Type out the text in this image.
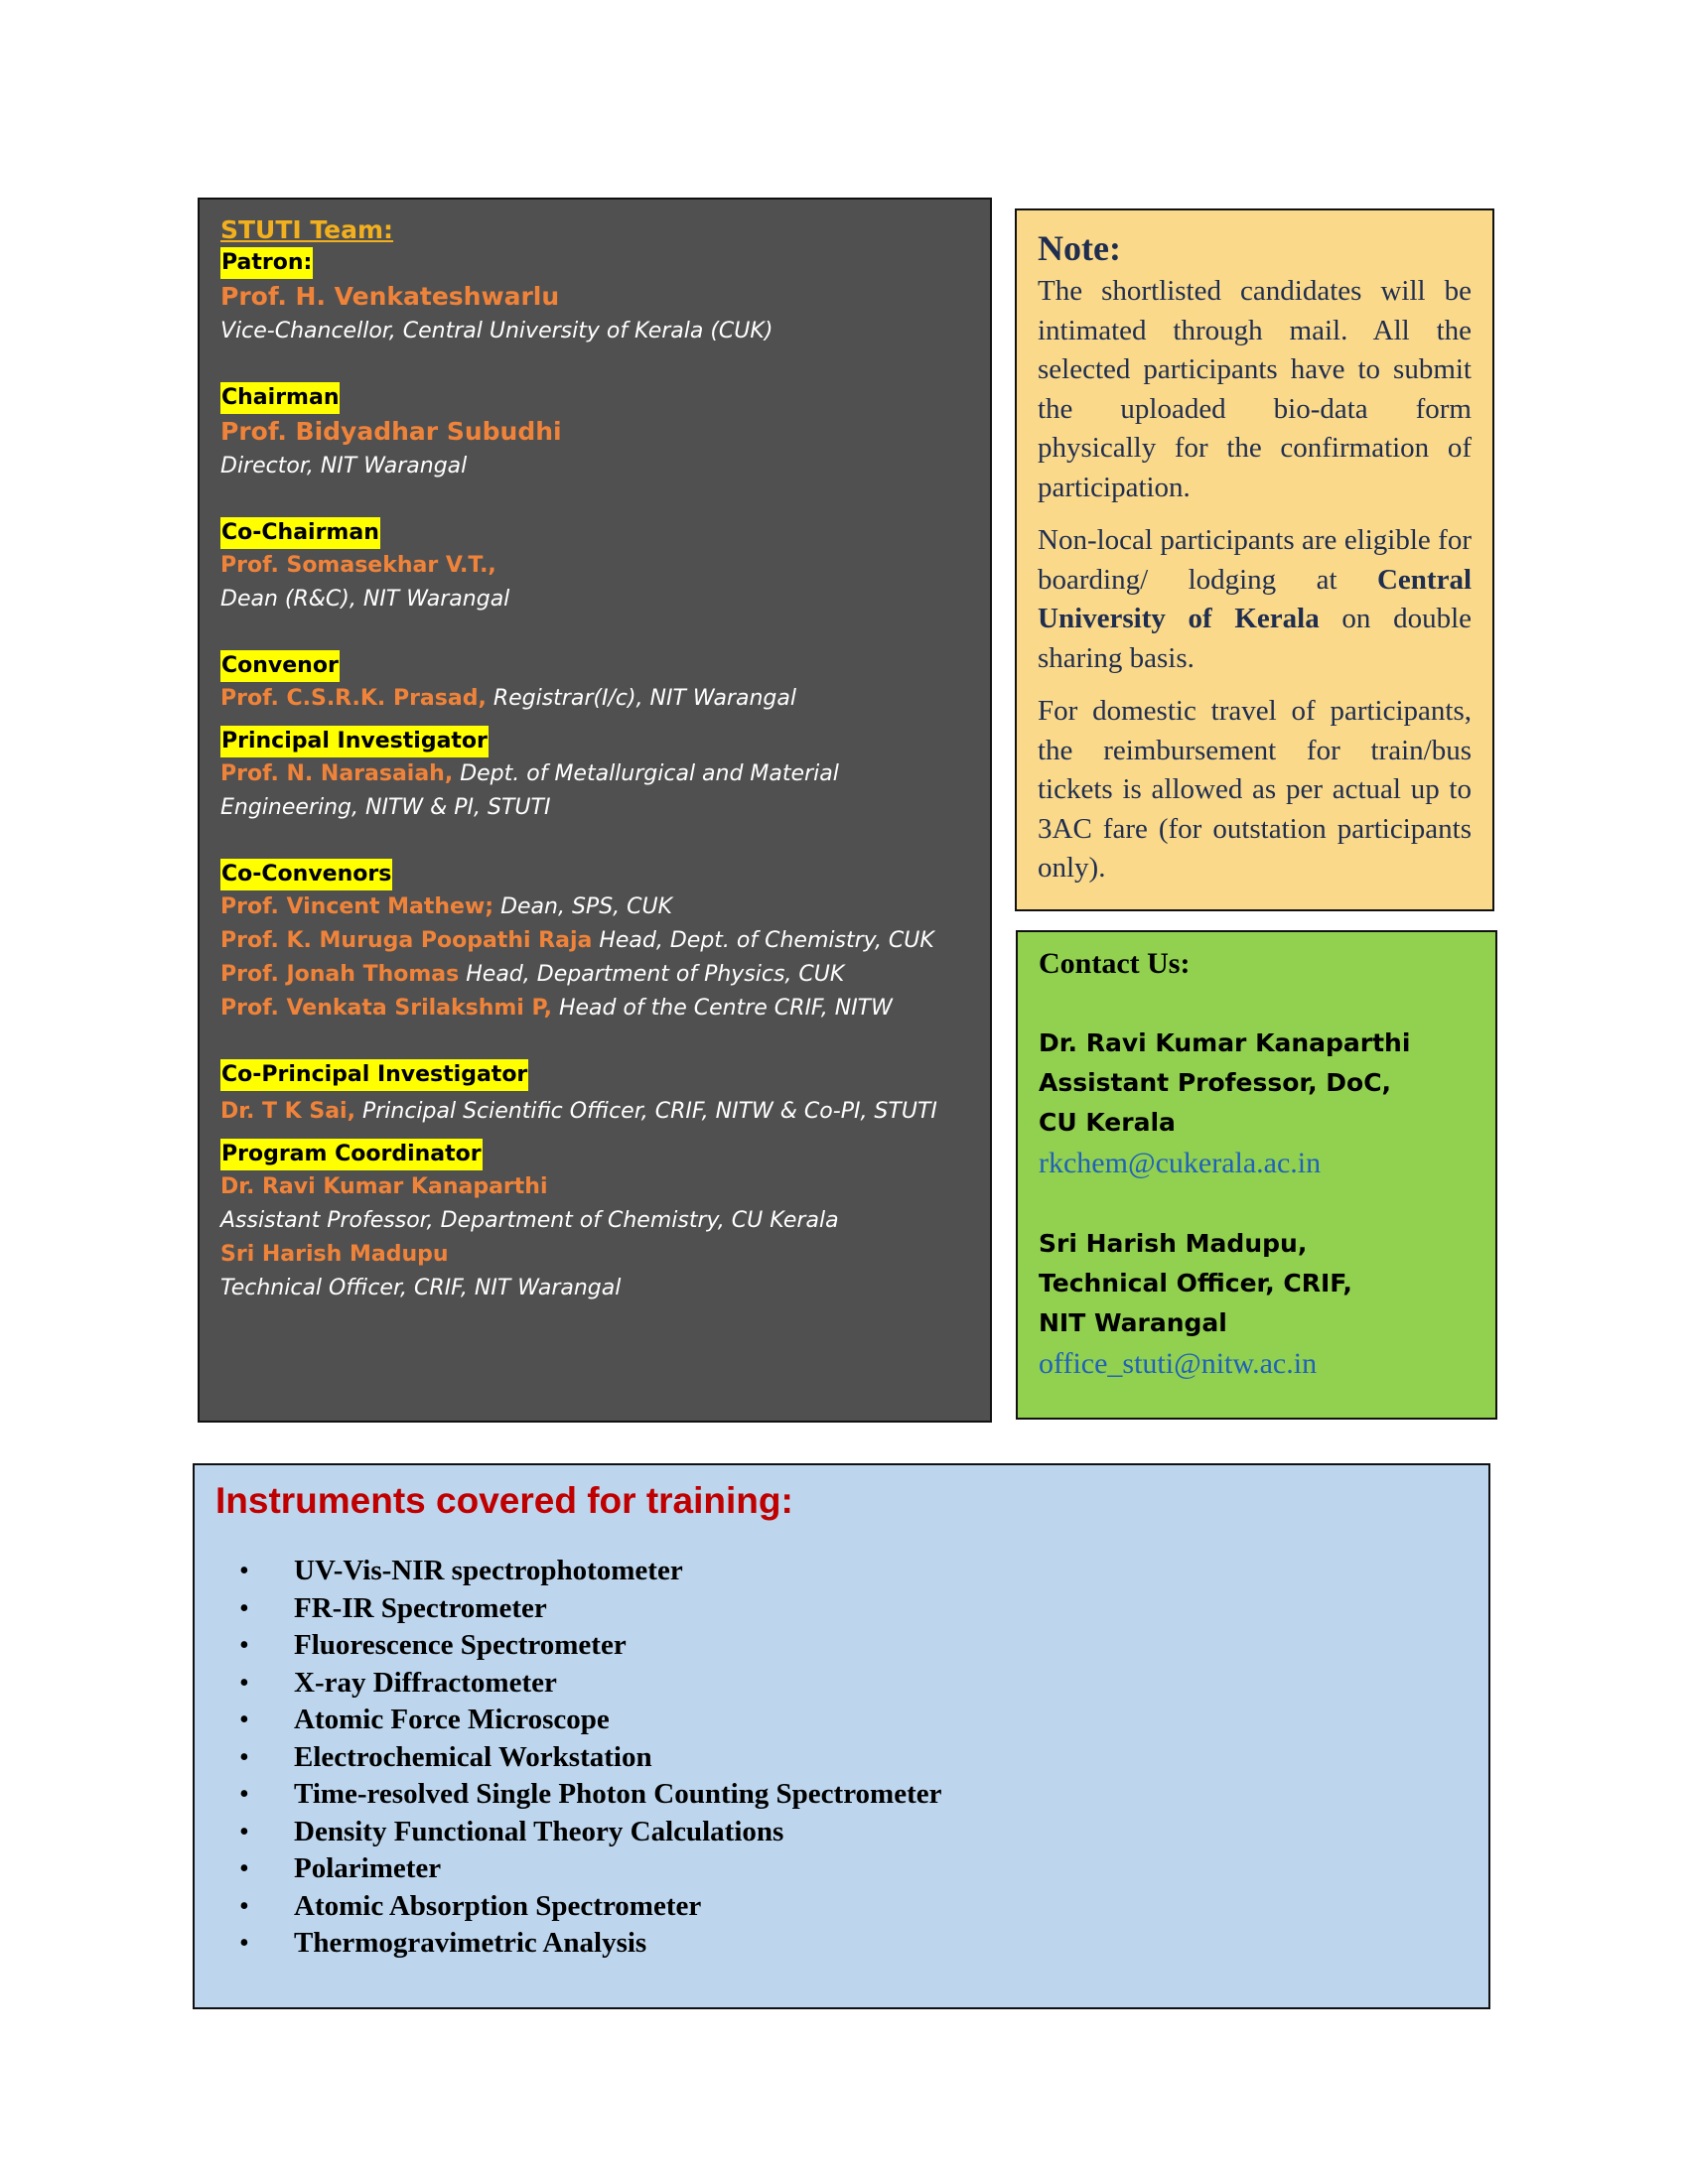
STUTI Team:
Patron:
Prof. H. Venkateshwarlu
Vice-Chancellor, Central University of Kerala (CUK)
Chairman
Prof. Bidyadhar Subudhi
Director, NIT Warangal
Co-Chairman
Prof. Somasekhar V.T.,
Dean (R&C), NIT Warangal
Convenor
Prof. C.S.R.K. Prasad, Registrar(I/c), NIT Warangal
Principal Investigator
Prof. N. Narasaiah, Dept. of Metallurgical and Material
Engineering, NITW & PI, STUTI
Co-Convenors
Prof. Vincent Mathew; Dean, SPS, CUK
Prof. K. Muruga Poopathi Raja Head, Dept. of Chemistry, CUK
Prof. Jonah Thomas Head, Department of Physics, CUK
Prof. Venkata Srilakshmi P, Head of the Centre CRIF, NITW
Co-Principal Investigator
Dr. T K Sai, Principal Scientific Officer, CRIF, NITW & Co-PI, STUTI
Program Coordinator
Dr. Ravi Kumar Kanaparthi
Assistant Professor, Department of Chemistry, CU Kerala
Sri Harish Madupu
Technical Officer, CRIF, NIT Warangal
Note:

The shortlisted candidates will be intimated through mail. All the selected participants have to submit the uploaded bio-data form physically for the confirmation of participation.

Non-local participants are eligible for boarding/ lodging at Central University of Kerala on double sharing basis.

For domestic travel of participants, the reimbursement for train/bus tickets is allowed as per actual up to 3AC fare (for outstation participants only).

Contact Us:
Dr. Ravi Kumar Kanaparthi
Assistant Professor, DoC,
CU Kerala
rkchem@cukerala.ac.in
Sri Harish Madupu,
Technical Officer, CRIF,
NIT Warangal
office_stuti@nitw.ac.in
Instruments covered for training:
• UV-Vis-NIR spectrophotometer
• FR-IR Spectrometer
• Fluorescence Spectrometer
• X-ray Diffractometer
• Atomic Force Microscope
• Electrochemical Workstation
• Time-resolved Single Photon Counting Spectrometer
• Density Functional Theory Calculations
• Polarimeter
• Atomic Absorption Spectrometer
• Thermogravimetric Analysis
